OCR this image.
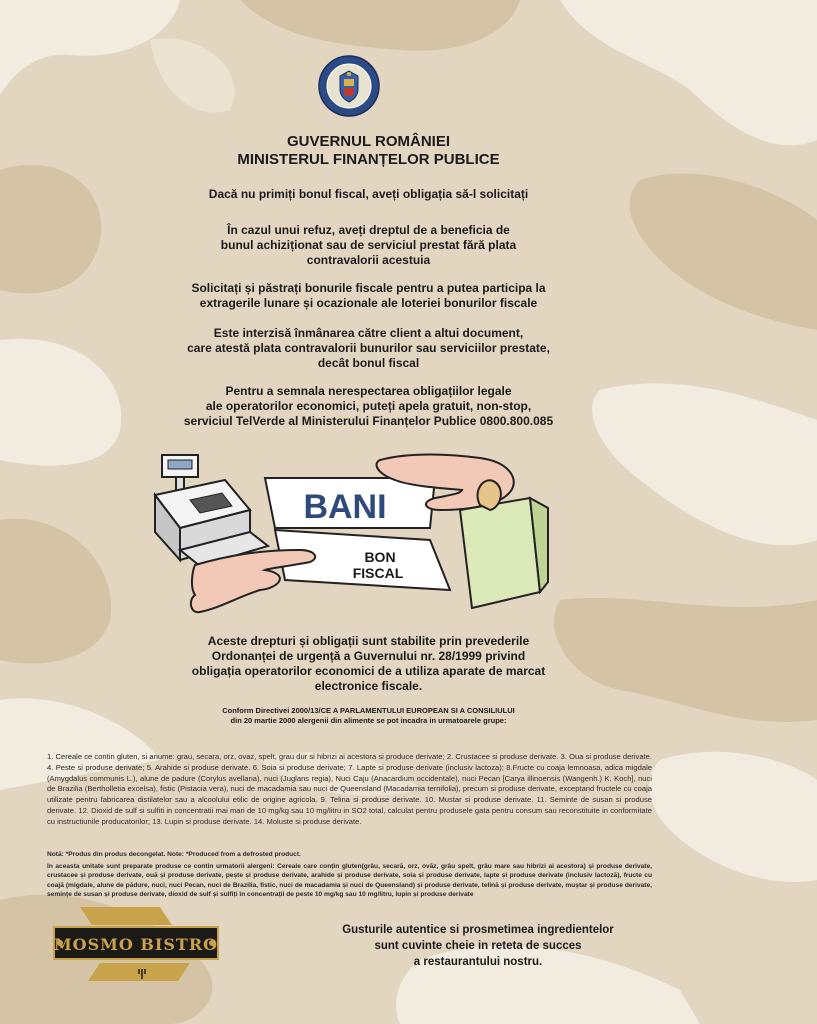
GUVERNUL ROMÂNIEI
MINISTERUL FINANȚELOR PUBLICE
Dacă nu primiți bonul fiscal, aveți obligația să-l solicitați
În cazul unui refuz, aveți dreptul de a beneficia de
bunul achiziționat sau de serviciul prestat fără plata
contravalorii acestuia
Solicitați și păstrați bonurile fiscale pentru a putea participa la
extragerile lunare și ocazionale ale loteriei bonurilor fiscale
Este interzisă înmânarea către client a altui document,
care atestă plata contravalorii bunurilor sau serviciilor prestate,
decât bonul fiscal
Pentru a semnala nerespectarea obligațiilor legale
ale operatorilor economici, puteți apela gratuit, non-stop,
serviciul TelVerde al Ministerului Finanțelor Publice 0800.800.085
BANI
BON
FISCAL
Aceste drepturi și obligații sunt stabilite prin prevederile
Ordonanței de urgență a Guvernului nr. 28/1999 privind
obligația operatorilor economici de a utiliza aparate de marcat
electronice fiscale.
Conform Directivei 2000/13/CE A PARLAMENTULUI EUROPEAN SI A CONSILIULUI
din 20 martie 2000 alergenii din alimente se pot incadra in urmatoarele grupe:
1. Cereale ce contin gluten, si anume: grau, secara, orz, ovaz, spelt, grau dur si hibrizi ai acestora si produce derivate; 2. Crustacee si produse derivate. 3. Oua si produse derivate. 4. Peste si produse derivate; 5. Arahide si produse derivate. 6. Soia si produse derivate; 7. Lapte si produse derivate (inclusiv lactoza); 8.Fructe cu coaja lemnoasa, adica migdale (Amygdalus communis L.), alune de padure (Corylus avellana), nuci (Juglans regia), Nuci Caju (Anacardium occidentale), nuci Pecan [Carya illinoensis (Wangenh.) K. Koch], nuci de Brazilia (Bertholletia excelsa), fistic (Pistacia vera), nuci de macadamia sau nuci de Queensland (Macadamia ternifolia), precum si produse derivate, exceptand fructele cu coaja utilizate pentru fabricarea distilatelor sau a alcoolului etilic de origine agricola. 9. Telina si produse derivate. 10. Mustar si produse derivate. 11. Seminte de susan si produse derivate. 12. Dioxid de sulf si sulfiti in concentratii mai mari de 10 mg/kg sau 10 mg/litru in SO2 total, calculat pentru produsele gata pentru consum sau reconstituite in conformitate cu instructiunile producatorilor; 13. Lupin si produse derivate. 14. Moluste si produse derivate.
Notă: *Produs din produs decongelat. Note: *Produced from a defrosted product.
In aceasta unitate sunt preparate produse ce contin urmatorii alergeni: Cereale care conțin gluten(grâu, secară, orz, ovăz, grâu spelt, grâu mare sau hibrizi ai acestora) și produse derivate, crustacee și produse derivate, ouă și produse derivate, pește și produse derivate, arahide și produse derivate, soia și produse derivate, lapte și produse derivate (inclusiv lactoză), fructe cu coajă (migdale, alune de pădure, nuci, nuci Pecan, nuci de Brazilia, fistic, nuci de macadamia și nuci de Queensland) și produse derivate, telină și produse derivate, muștar și produse derivate, semințe de susan și produse derivate, dioxid de sulf și sulfiți în concentrații de peste 10 mg/kg sau 10 mg/litru, lupin și produse derivate
MOSMO BISTRO
Gusturile autentice si prosmetimea ingredientelor
sunt cuvinte cheie in reteta de succes
a restaurantului nostru.
